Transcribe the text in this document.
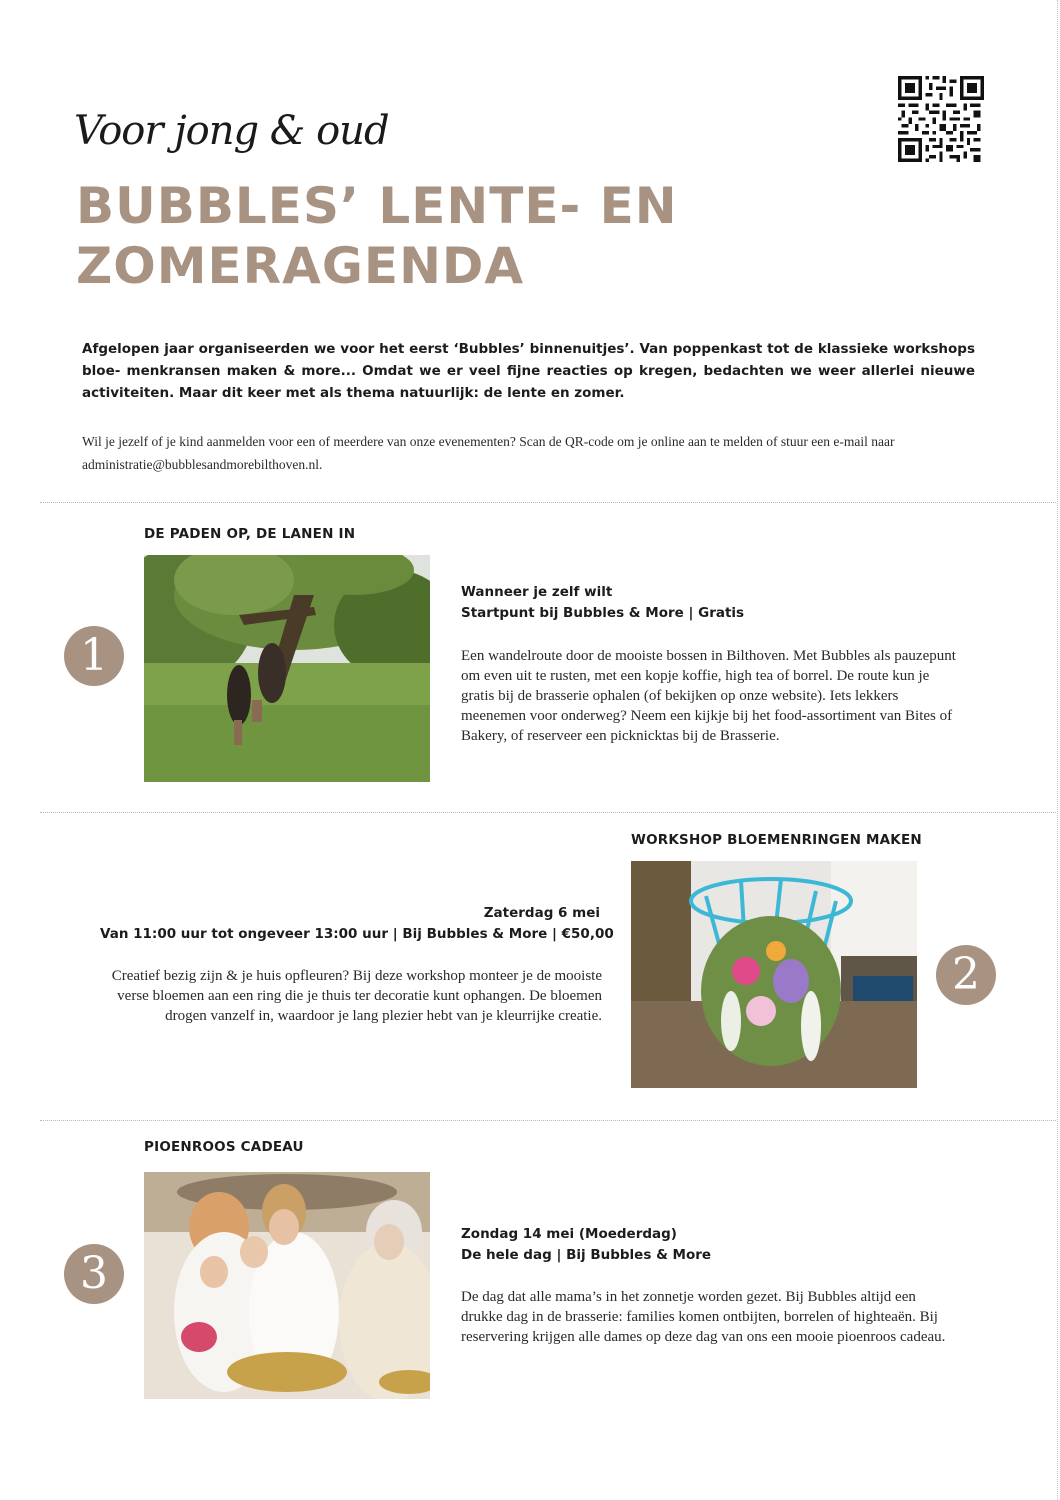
Voor jong & oud
BUBBLES’ LENTE- EN
ZOMERAGENDA
Afgelopen jaar organiseerden we voor het eerst ‘Bubbles’ binnenuitjes’. Van poppenkast tot de klassieke workshops bloe- menkransen maken & more... Omdat we er veel fijne reacties op kregen, bedachten we weer allerlei nieuwe activiteiten. Maar dit keer met als thema natuurlijk: de lente en zomer.
Wil je jezelf of je kind aanmelden voor een of meerdere van onze evenementen? Scan de QR-code om je online aan te melden of stuur een e-mail naar administratie@bubblesandmorebilthoven.nl.
DE PADEN OP, DE LANEN IN
1
Wanneer je zelf wilt
Startpunt bij Bubbles & More | Gratis
Een wandelroute door de mooiste bossen in Bilthoven. Met Bubbles als pauzepunt om even uit te rusten, met een kopje koffie, high tea of borrel. De route kun je gratis bij de brasserie ophalen (of bekijken op onze website). Iets lekkers meenemen voor onderweg? Neem een kijkje bij het food-assortiment van Bites of Bakery, of reserveer een picknicktas bij de Brasserie.
WORKSHOP BLOEMENRINGEN MAKEN
2
Zaterdag 6 mei
Van 11:00 uur tot ongeveer 13:00 uur | Bij Bubbles & More | €50,00
Creatief bezig zijn & je huis opfleuren? Bij deze workshop monteer je de mooiste verse bloemen aan een ring die je thuis ter decoratie kunt ophangen. De bloemen drogen vanzelf in, waardoor je lang plezier hebt van je kleurrijke creatie.
PIOENROOS CADEAU
3
Zondag 14 mei (Moederdag)
De hele dag | Bij Bubbles & More
De dag dat alle mama’s in het zonnetje worden gezet. Bij Bubbles altijd een drukke dag in de brasserie: families komen ontbijten, borrelen of highteaën. Bij reservering krijgen alle dames op deze dag van ons een mooie pioenroos cadeau.
